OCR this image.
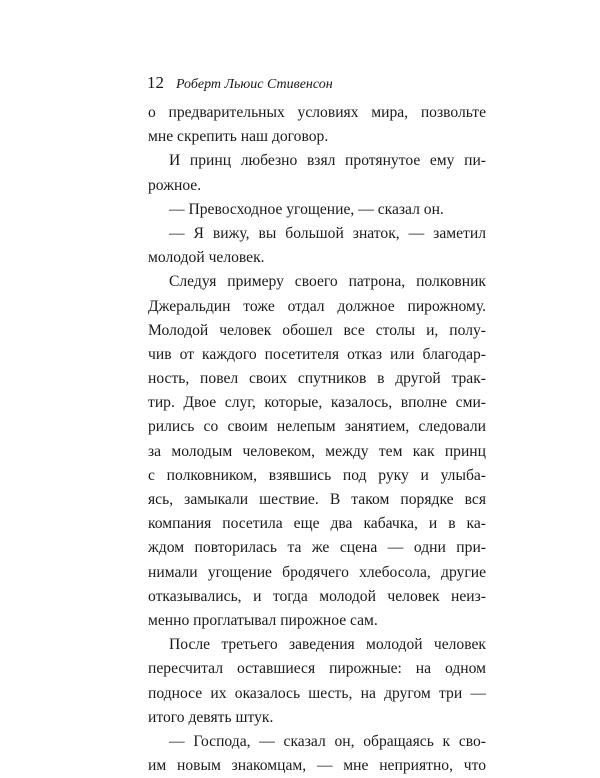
12 Роберт Льюис Стивенсон
о предварительных условиях мира, позвольте
мне скрепить наш договор.
И принц любезно взял протянутое ему пи-
рожное.
— Превосходное угощение, — сказал он.
— Я вижу, вы большой знаток, — заметил
молодой человек.
Следуя примеру своего патрона, полковник
Джеральдин тоже отдал должное пирожному.
Молодой человек обошел все столы и, полу-
чив от каждого посетителя отказ или благодар-
ность, повел своих спутников в другой трак-
тир. Двое слуг, которые, казалось, вполне сми-
рились со своим нелепым занятием, следовали
за молодым человеком, между тем как принц
с полковником, взявшись под руку и улыба-
ясь, замыкали шествие. В таком порядке вся
компания посетила еще два кабачка, и в ка-
ждом повторилась та же сцена — одни при-
нимали угощение бродячего хлебосола, другие
отказывались, и тогда молодой человек неиз-
менно проглатывал пирожное сам.
После третьего заведения молодой человек
пересчитал оставшиеся пирожные: на одном
подносе их оказалось шесть, на другом три —
итого девять штук.
— Господа, — сказал он, обращаясь к сво-
им новым знакомцам, — мне неприятно, что
